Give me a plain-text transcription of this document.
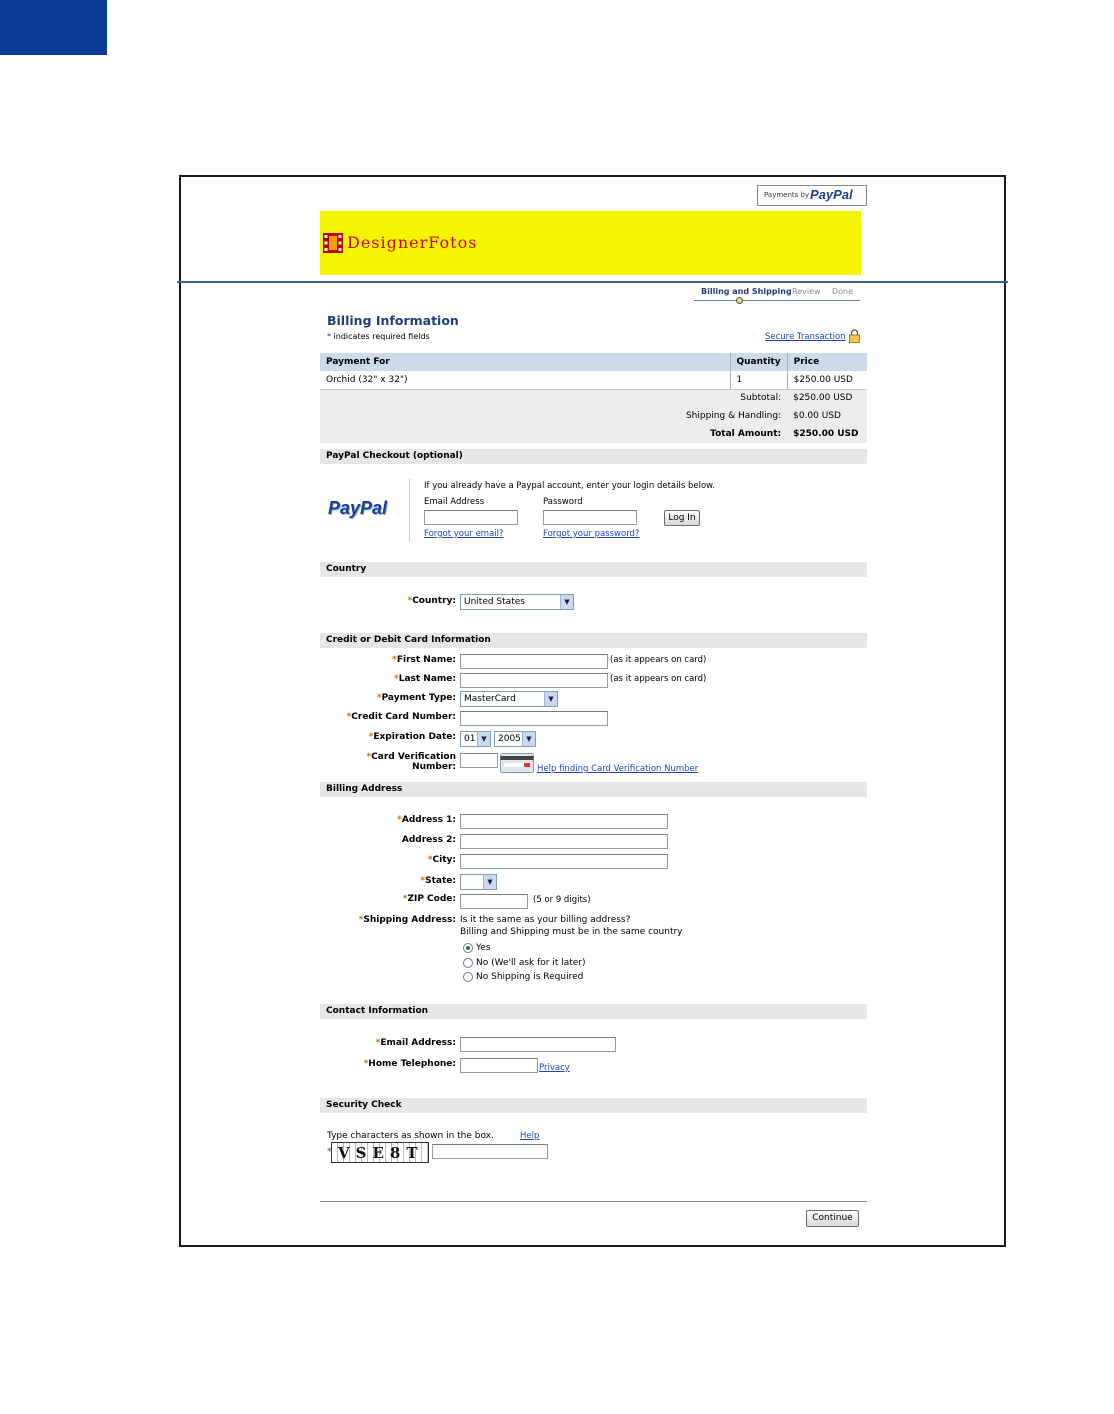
Payments by PayPal
DesignerFotos
Billing and Shipping Review Done
Billing Information
* indicates required fields	Secure Transaction
Payment For	Quantity	Price
Orchid (32" x 32")	1	$250.00 USD
Subtotal:		$250.00 USD
Shipping & Handling:		$0.00 USD
Total Amount:		$250.00 USD
PayPal Checkout (optional)
PayPal
If you already have a Paypal account, enter your login details below.
Email Address	Password
Log In
Forgot your email?	Forgot your password?
Country
*Country: United States	▼
Credit or Debit Card Information
*First Name:	(as it appears on card)
*Last Name:	(as it appears on card)
*Payment Type: MasterCard	▼
*Credit Card Number:
*Expiration Date: 01 ▼	2005 ▼
*Card Verification
Number:	Help finding Card Verification Number
Billing Address
*Address 1:
Address 2:
*City:
*State:	▼
*ZIP Code:	(5 or 9 digits)
*Shipping Address: Is it the same as your billing address?
Billing and Shipping must be in the same country
Yes
No (We'll ask for it later)
No Shipping is Required
Contact Information
*Email Address:
*Home Telephone:	Privacy
Security Check
Type characters as shown in the box.	Help
* VSE8T
Continue
